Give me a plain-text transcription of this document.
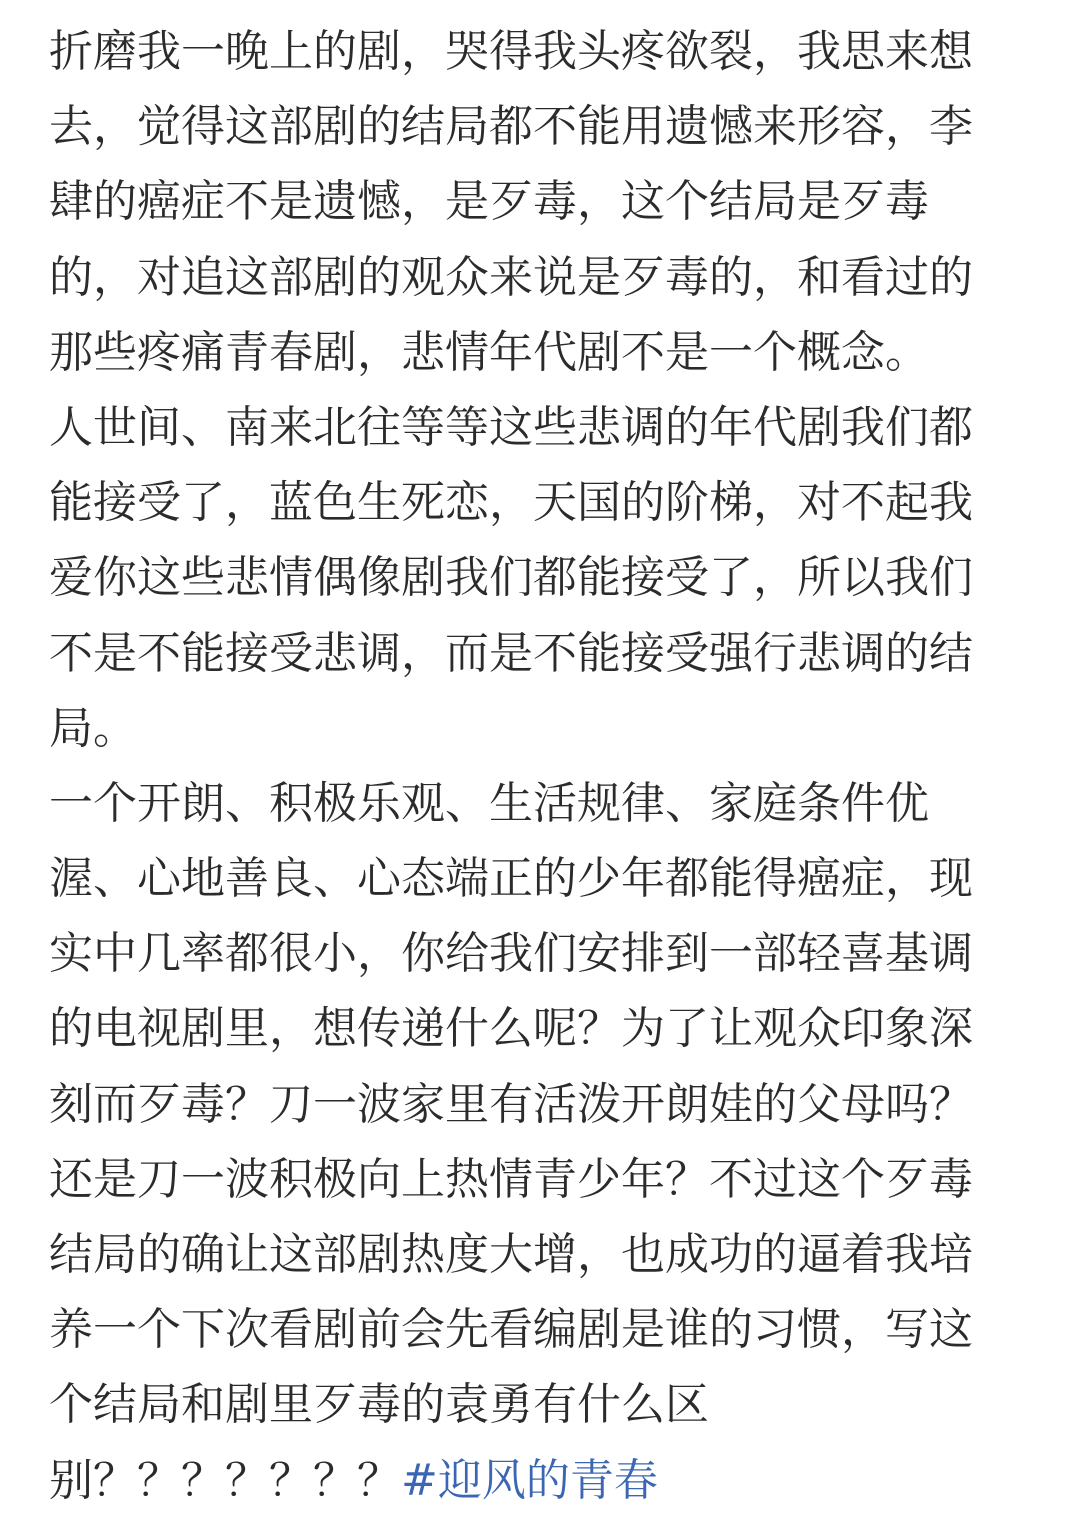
折磨我一晚上的剧，哭得我头疼欲裂，我思来想
去，觉得这部剧的结局都不能用遗憾来形容，李
肆的癌症不是遗憾，是歹毒，这个结局是歹毒
的，对追这部剧的观众来说是歹毒的，和看过的
那些疼痛青春剧，悲情年代剧不是一个概念。
人世间、南来北往等等这些悲调的年代剧我们都
能接受了，蓝色生死恋，天国的阶梯，对不起我
爱你这些悲情偶像剧我们都能接受了，所以我们
不是不能接受悲调，而是不能接受强行悲调的结
局。
一个开朗、积极乐观、生活规律、家庭条件优
渥、心地善良、心态端正的少年都能得癌症，现
实中几率都很小，你给我们安排到一部轻喜基调
的电视剧里，想传递什么呢？为了让观众印象深
刻而歹毒？刀一波家里有活泼开朗娃的父母吗？
还是刀一波积极向上热情青少年？不过这个歹毒
结局的确让这部剧热度大增，也成功的逼着我培
养一个下次看剧前会先看编剧是谁的习惯，写这
个结局和剧里歹毒的袁勇有什么区
别？？？？？？？#迎风的青春
